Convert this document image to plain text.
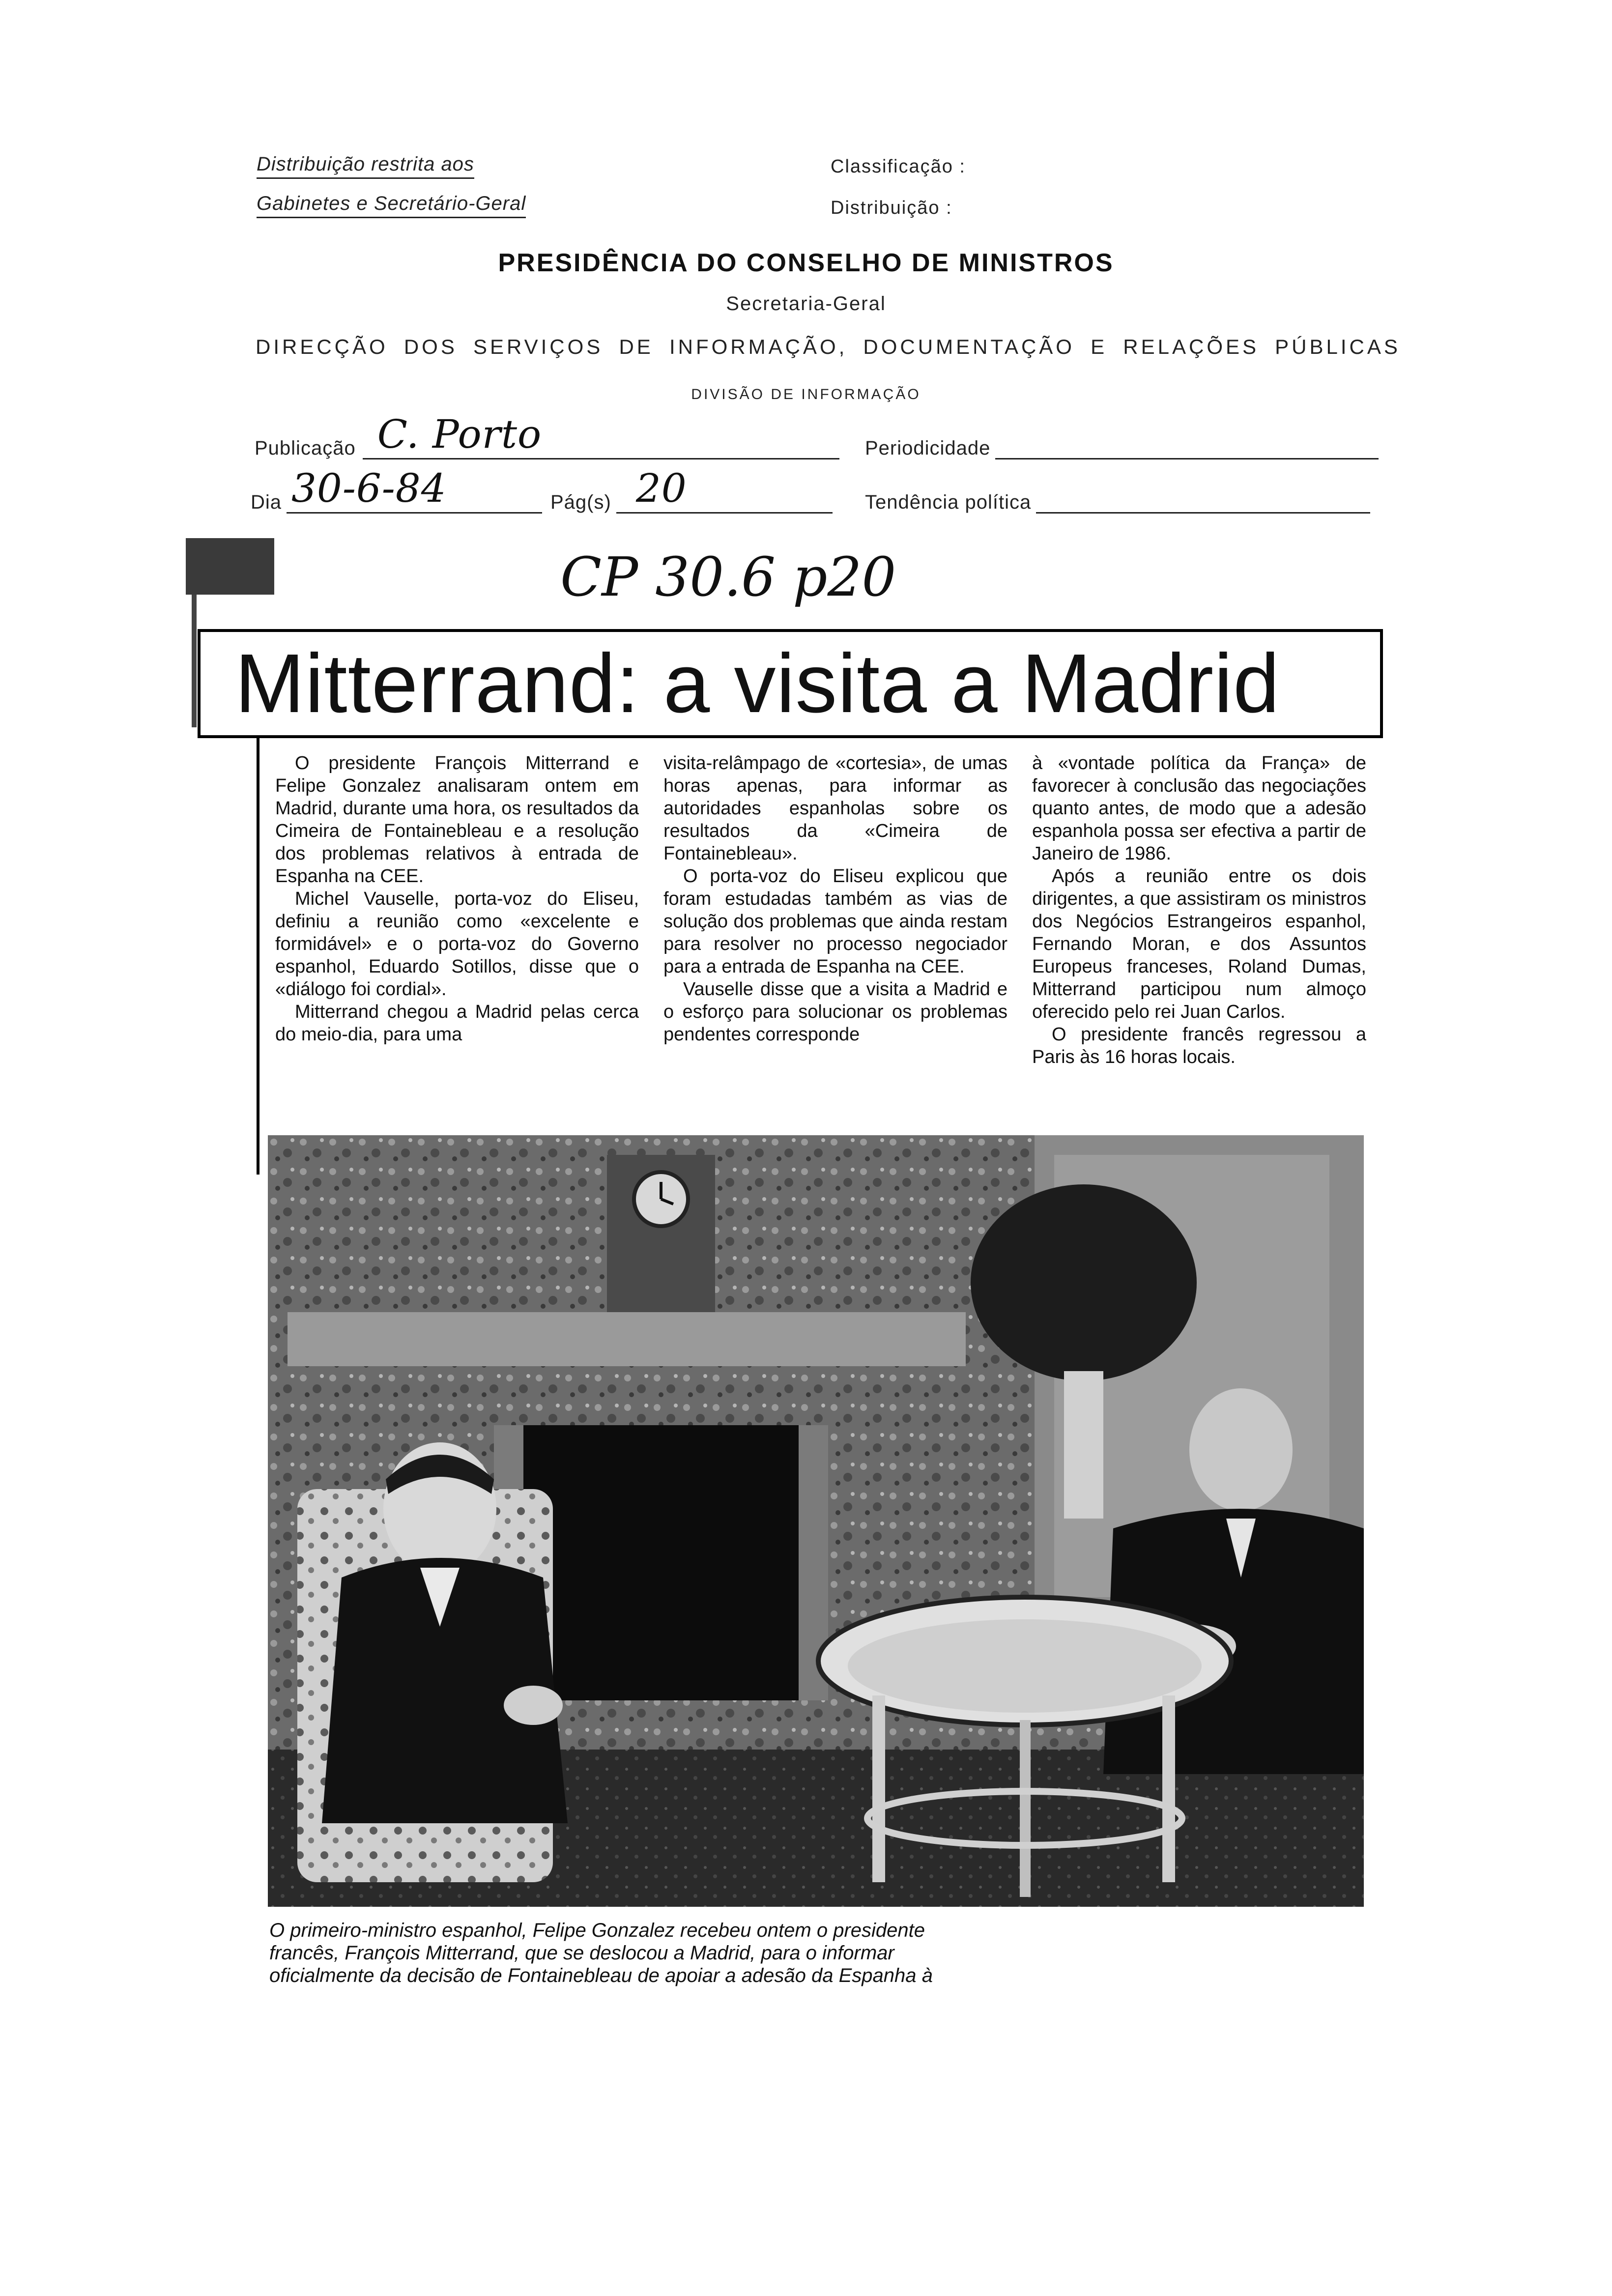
Distribuição restrita aos
Gabinetes e Secretário-Geral
Classificação :
Distribuição :
PRESIDÊNCIA DO CONSELHO DE MINISTROS
Secretaria-Geral
DIRECÇÃO DOS SERVIÇOS DE INFORMAÇÃO, DOCUMENTAÇÃO E RELAÇÕES PÚBLICAS
DIVISÃO DE INFORMAÇÃO
Publicação C. Porto	Periodicidade
Dia 30-6-84	Pág(s) 20	Tendência política
CP 30.6 p20
Mitterrand: a visita a Madrid

O presidente François Mitterrand e Felipe Gonzalez analisaram ontem em Madrid, durante uma hora, os resultados da Cimeira de Fontainebleau e a resolução dos problemas relativos à entrada de Espanha na CEE.

Michel Vauselle, porta-voz do Eliseu, definiu a reunião como «excelente e formidável» e o porta-voz do Governo espanhol, Eduardo Sotillos, disse que o «diálogo foi cordial».

Mitterrand chegou a Madrid pelas cerca do meio-dia, para uma

visita-relâmpago de «cortesia», de umas horas apenas, para informar as autoridades espanholas sobre os resultados da «Cimeira de Fontainebleau».

O porta-voz do Eliseu explicou que foram estudadas também as vias de solução dos problemas que ainda restam para resolver no processo negociador para a entrada de Espanha na CEE.

Vauselle disse que a visita a Madrid e o esforço para solucionar os problemas pendentes corresponde

à «vontade política da França» de favorecer à conclusão das negociações quanto antes, de modo que a adesão espanhola possa ser efectiva a partir de Janeiro de 1986.

Após a reunião entre os dois dirigentes, a que assistiram os ministros dos Negócios Estrangeiros espanhol, Fernando Moran, e dos Assuntos Europeus franceses, Roland Dumas, Mitterrand participou num almoço oferecido pelo rei Juan Carlos.

O presidente francês regressou a Paris às 16 horas locais.

O primeiro-ministro espanhol, Felipe Gonzalez recebeu ontem o presidente francês, François Mitterrand, que se deslocou a Madrid, para o informar oficialmente da decisão de Fontainebleau de apoiar a adesão da Espanha à
